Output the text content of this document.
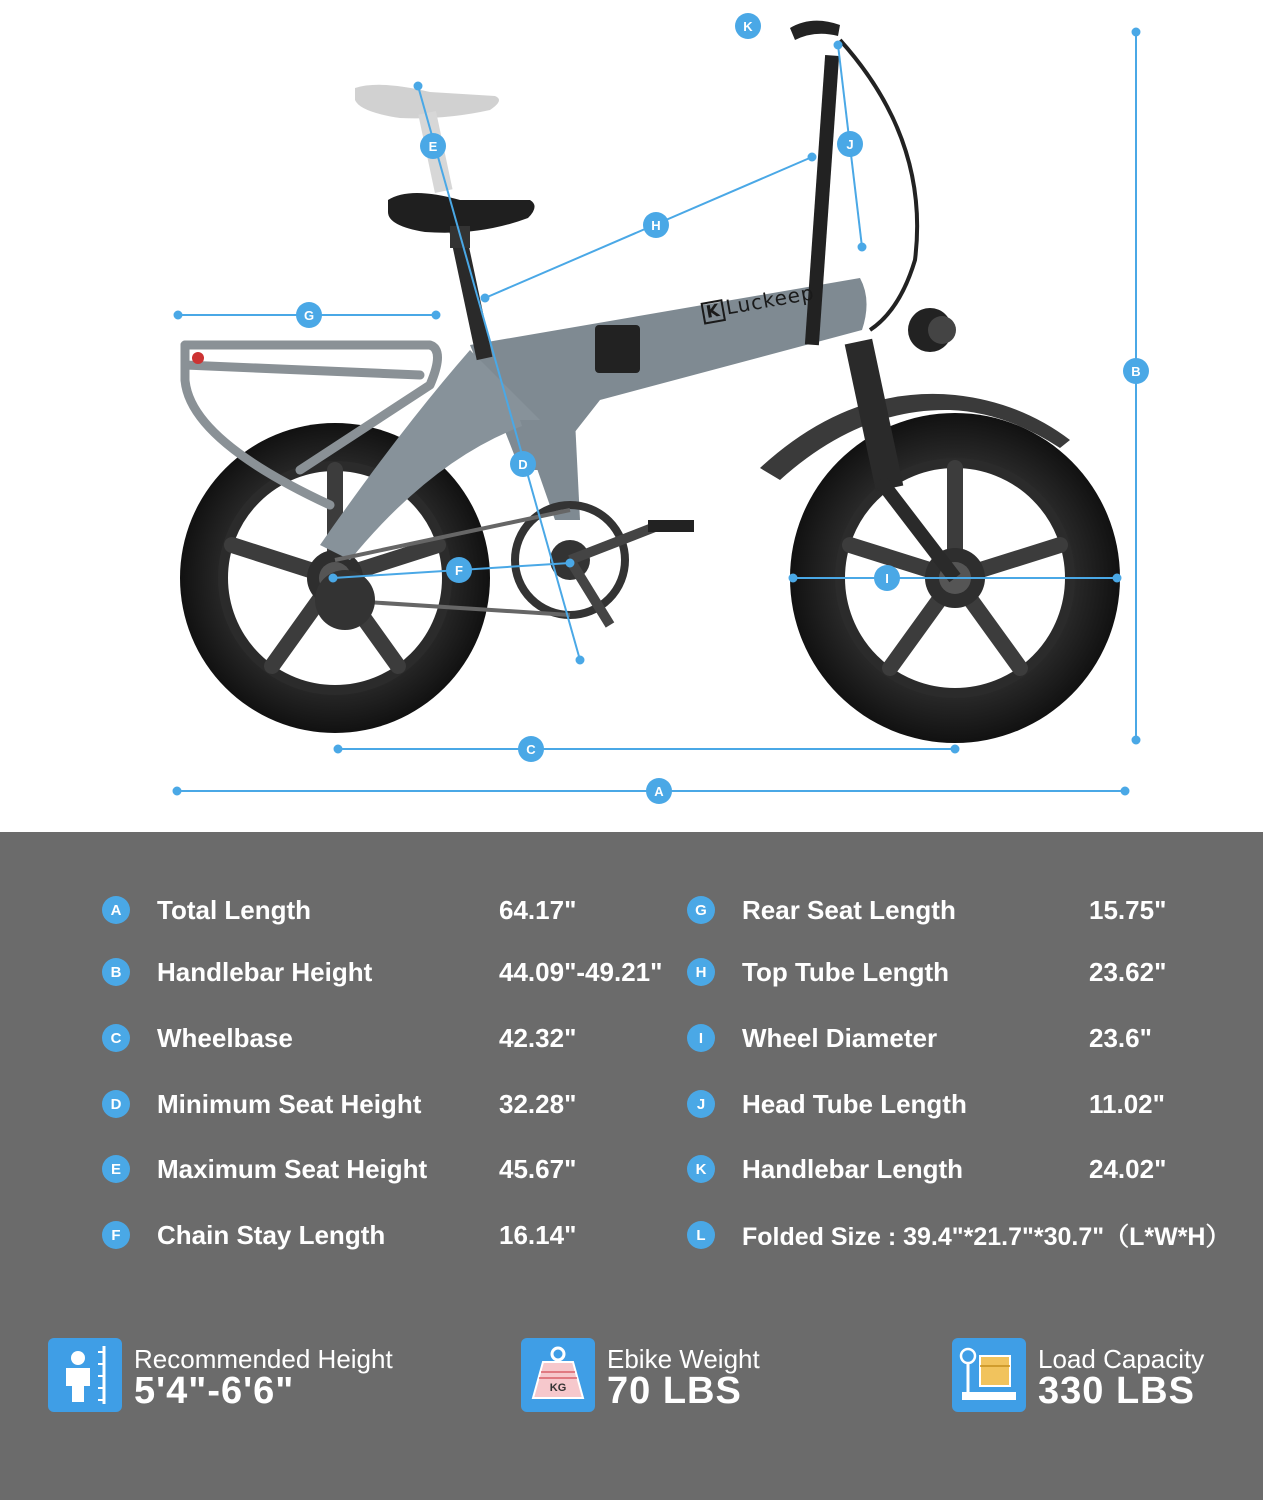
A
B
C
D
E
F
G
H
I
J
K
KLuckeep
A	Total Length	64.17"
B	Handlebar Height	44.09"-49.21"
C	Wheelbase	42.32"
D	Minimum Seat Height	32.28"
E	Maximum Seat Height	45.67"
F	Chain Stay Length	16.14"
G	Rear Seat Length	15.75"
H	Top Tube Length	23.62"
I	Wheel Diameter	23.6"
J	Head Tube Length	11.02"
K	Handlebar Length	24.02"
L	Folded Size : 39.4"*21.7"*30.7"（L*W*H）
Recommended Height
5'4"-6'6"	KG
Ebike Weight
70 LBS
Load Capacity
330 LBS
